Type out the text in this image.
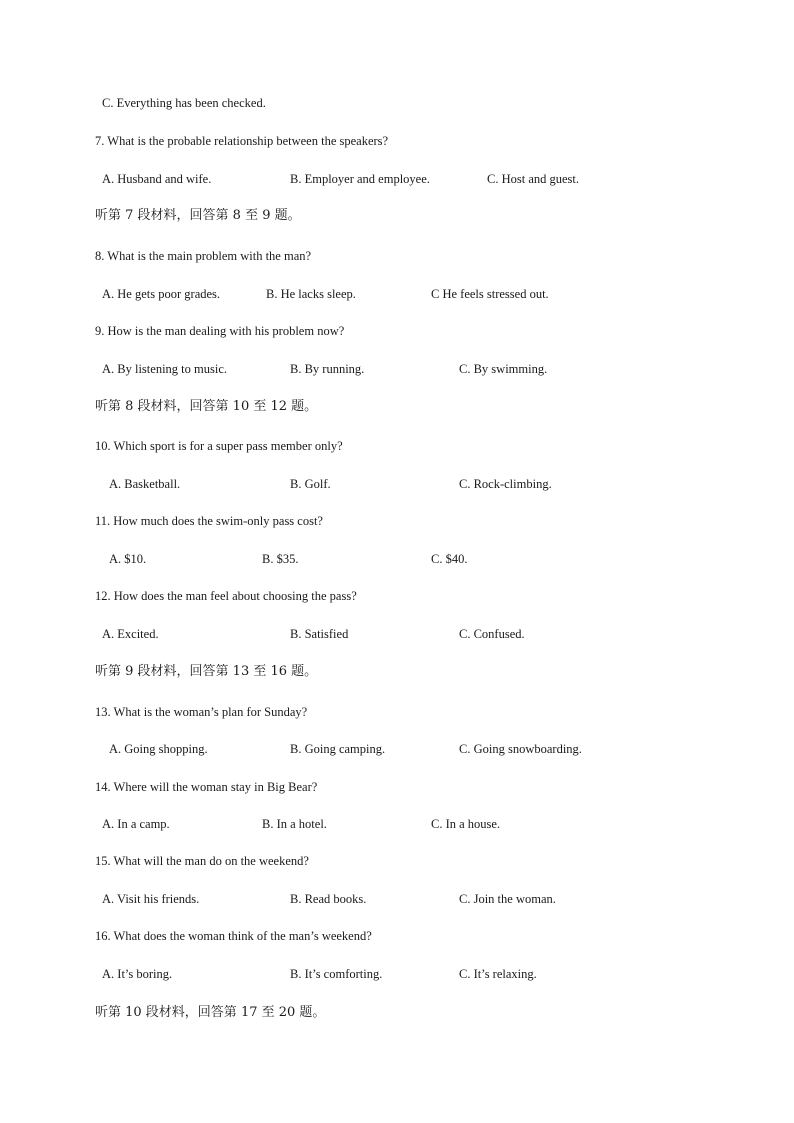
C. Everything has been checked.
7. What is the probable relationship between the speakers?
A. Husband and wife.	B. Employer and employee.	C. Host and guest.
听第 7 段材料，回答第 8 至 9 题。
8. What is the main problem with the man?
A. He gets poor grades.	B. He lacks sleep.	C He feels stressed out.
9. How is the man dealing with his problem now?
A. By listening to music.	B. By running.	C. By swimming.
听第 8 段材料，回答第 10 至 12 题。
10. Which sport is for a super pass member only?
A. Basketball.	B. Golf.	C. Rock-climbing.
11. How much does the swim-only pass cost?
A. $10.	B. $35.	C. $40.
12. How does the man feel about choosing the pass?
A. Excited.	B. Satisfied	C. Confused.
听第 9 段材料，回答第 13 至 16 题。
13. What is the woman’s plan for Sunday?
A. Going shopping.	B. Going camping.	C. Going snowboarding.
14. Where will the woman stay in Big Bear?
A. In a camp.	B. In a hotel.	C. In a house.
15. What will the man do on the weekend?
A. Visit his friends.	B. Read books.	C. Join the woman.
16. What does the woman think of the man’s weekend?
A. It’s boring.	B. It’s comforting.	C. It’s relaxing.
听第 10 段材料，回答第 17 至 20 题。
